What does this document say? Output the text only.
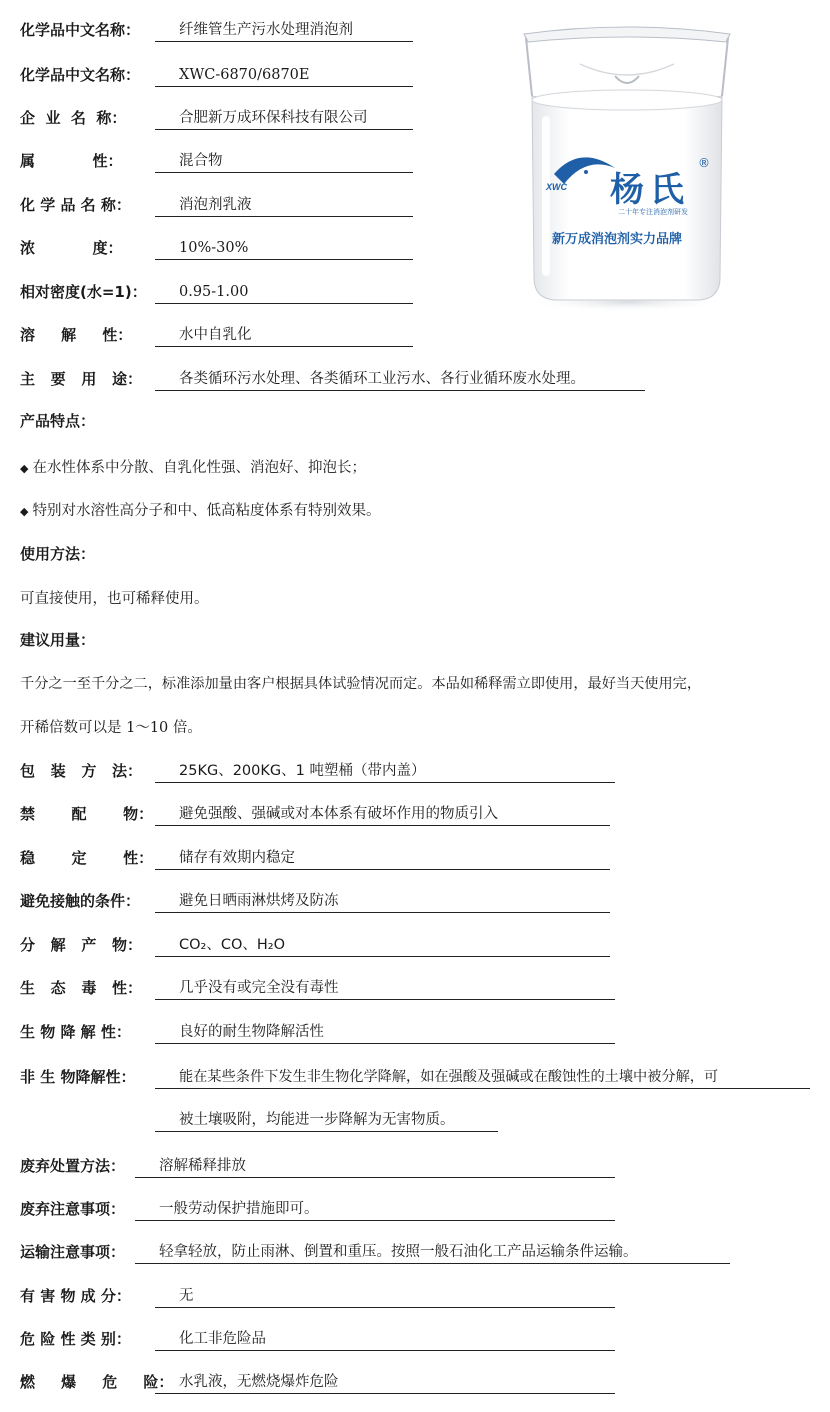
化学品中文名称：	纤维管生产污水处理消泡剂
化学品中文名称：	XWC-6870/6870E
企  业  名  称：	合肥新万成环保科技有限公司
属           性：	混合物
化 学 品 名 称：	消泡剂乳液
浓           度：	10%-30%
相对密度(水=1)：	0.95-1.00
溶     解     性：	水中自乳化
主   要   用   途：	各类循环污水处理、各类循环工业污水、各行业循环废水处理。
XWC 杨氏
®
二十年专注消泡剂研发
新万成消泡剂实力品牌
产品特点：
◆ 在水性体系中分散、自乳化性强、消泡好、抑泡长；
◆ 特别对水溶性高分子和中、低高粘度体系有特别效果。
使用方法：
可直接使用，也可稀释使用。
建议用量：
千分之一至千分之二，标准添加量由客户根据具体试验情况而定。本品如稀释需立即使用，最好当天使用完，
开稀倍数可以是 1～10 倍。
包   装   方   法：	25KG、200KG、1 吨塑桶（带内盖）
禁       配       物：	避免强酸、强碱或对本体系有破坏作用的物质引入
稳       定       性：	储存有效期内稳定
避免接触的条件：	避免日晒雨淋烘烤及防冻
分   解   产   物：	CO₂、CO、H₂O
生   态   毒   性：	几乎没有或完全没有毒性
生 物 降 解 性：	良好的耐生物降解活性
非 生 物降解性：	能在某些条件下发生非生物化学降解，如在强酸及强碱或在酸蚀性的土壤中被分解，可
被土壤吸附，均能进一步降解为无害物质。
废弃处置方法：	溶解稀释排放
废弃注意事项：	一般劳动保护措施即可。
运输注意事项：	轻拿轻放，防止雨淋、倒置和重压。按照一般石油化工产品运输条件运输。
有 害 物 成 分：	无
危 险 性 类 别：	化工非危险品
燃     爆     危     险： 水乳液，无燃烧爆炸危险
